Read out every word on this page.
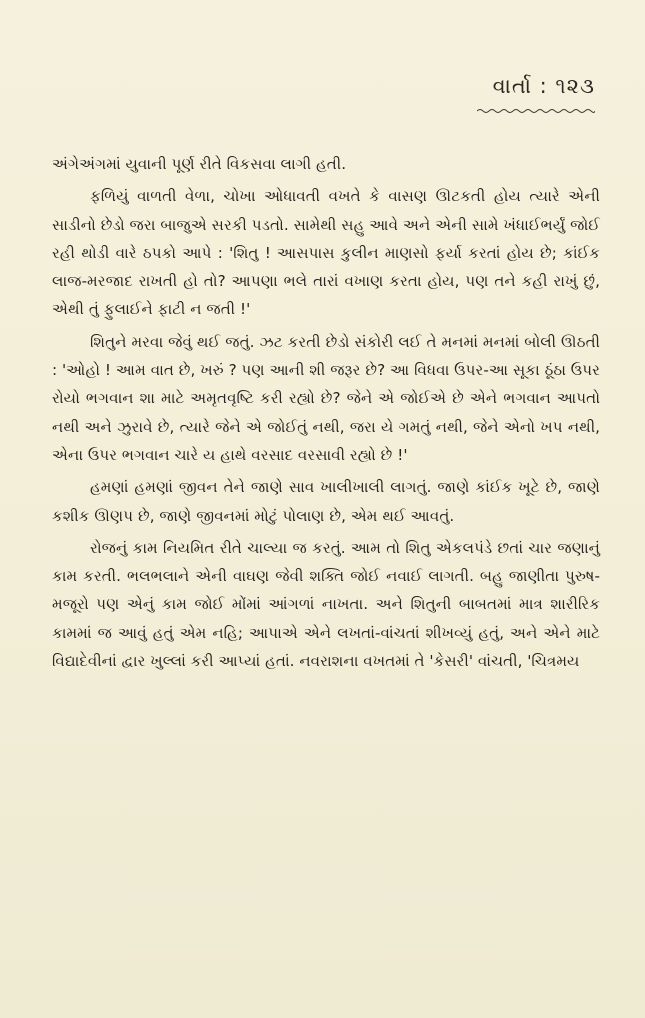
વાર્તા : ૧૨૩

અંગેઅંગમાં યુવાની પૂર્ણ રીતે વિકસવા લાગી હતી.

ફળિયું વાળતી વેળા, ચોખા ઓધાવતી વખતે કે વાસણ ઊટકતી હોય ત્યારે એની સાડીનો છેડો જરા બાજુએ સરકી પડતો. સામેથી સહુ આવે અને એની સામે ખંધાઈભર્યું જોઈ રહી થોડી વારે ઠપકો આપે : 'શિતુ ! આસપાસ કુલીન માણસો ફર્યા કરતાં હોય છે; કાંઈક લાજ-મરજાદ રાખતી હો તો? આપણા ભલે તારાં વખાણ કરતા હોય, પણ તને કહી રાખું છું, એથી તું ફુલાઈને ફાટી ન જતી !'

શિતુને મરવા જેવું થઈ જતું. ઝટ કરતી છેડો સંકોરી લઈ તે મનમાં મનમાં બોલી ઊઠતી : 'ઓહો ! આમ વાત છે, ખરું ? પણ આની શી જરૂર છે? આ વિધવા ઉપર-આ સૂકા ઠૂંઠા ઉપર રોયો ભગવાન શા માટે અમૃતવૃષ્ટિ કરી રહ્યો છે? જેને એ જોઈએ છે એને ભગવાન આપતો નથી અને ઝુરાવે છે, ત્યારે જેને એ જોઈતું નથી, જરા યે ગમતું નથી, જેને એનો ખપ નથી, એના ઉપર ભગવાન ચારે ય હાથે વરસાદ વરસાવી રહ્યો છે !'

હમણાં હમણાં જીવન તેને જાણે સાવ ખાલીખાલી લાગતું. જાણે કાંઈક ખૂટે છે, જાણે કશીક ઊણપ છે, જાણે જીવનમાં મોટું પોલાણ છે, એમ થઈ આવતું.

રોજનું કામ નિયમિત રીતે ચાલ્યા જ કરતું. આમ તો શિતુ એકલપંડે છતાં ચાર જણાનું કામ કરતી. ભલભલાને એની વાઘણ જેવી શક્તિ જોઈ નવાઈ લાગતી. બહુ જાણીતા પુરુષ-મજૂરો પણ એનું કામ જોઈ મોંમાં આંગળાં નાખતા. અને શિતુની બાબતમાં માત્ર શારીરિક કામમાં જ આવું હતું એમ નહિ; આપાએ એને લખતાં-વાંચતાં શીખવ્યું હતું, અને એને માટે વિદ્યાદેવીનાં દ્વાર ખુલ્લાં કરી આપ્યાં હતાં. નવરાશના વખતમાં તે 'કેસરી' વાંચતી, 'ચિત્રમય
